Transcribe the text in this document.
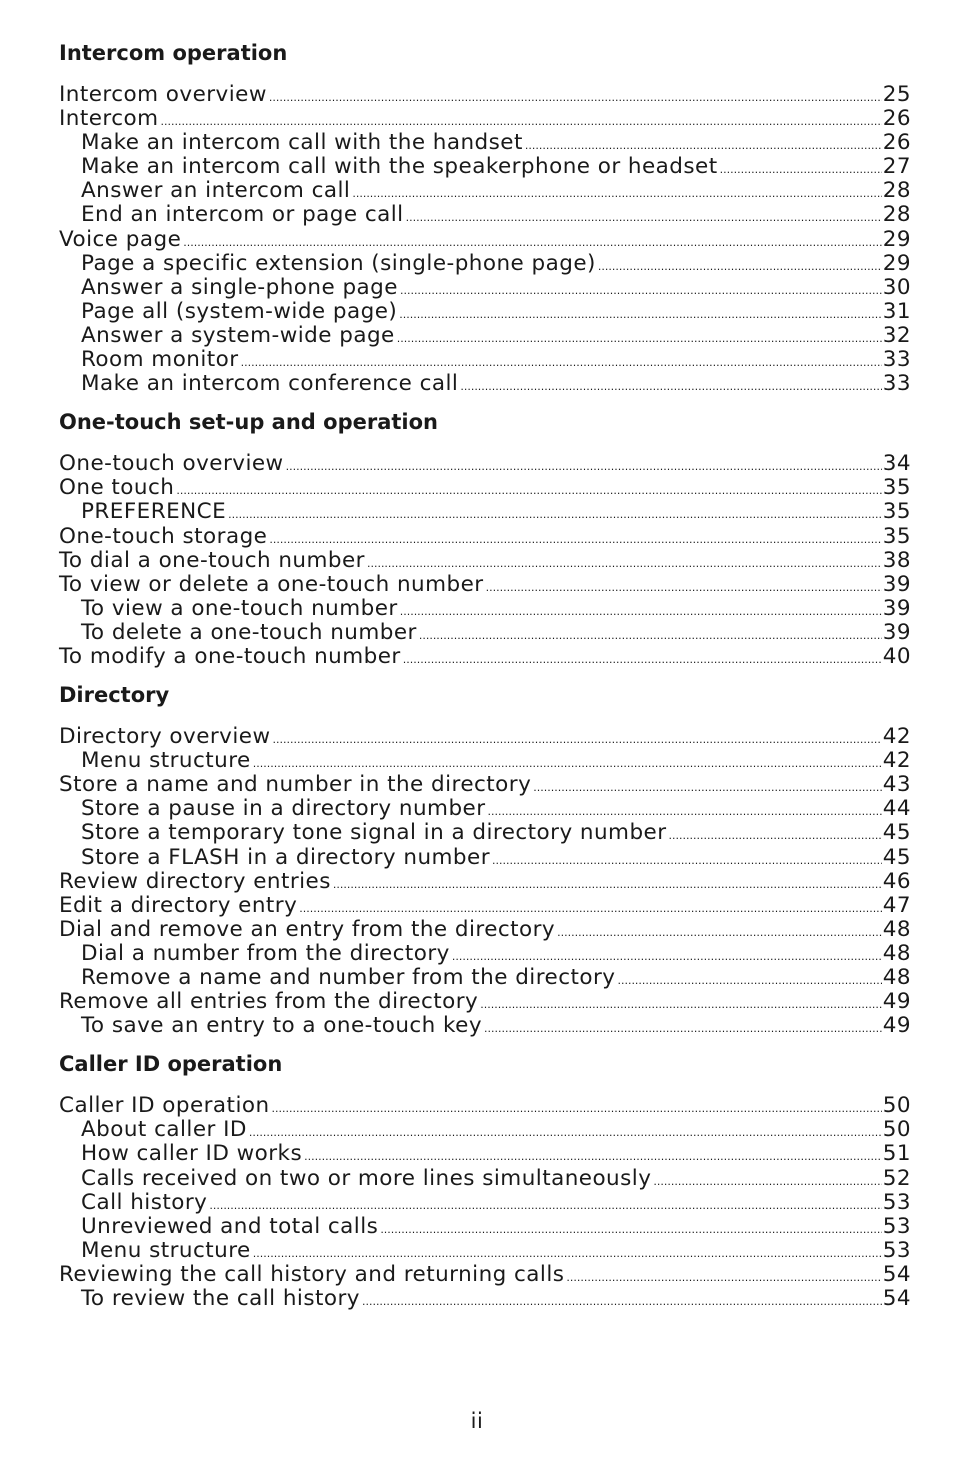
Intercom operation
Intercom overview .....	25
Intercom .....	26
Make an intercom call with the handset .....	26
Make an intercom call with the speakerphone or headset .....	27
Answer an intercom call .....	28
End an intercom or page call .....	28
Voice page .....	29
Page a specific extension (single-phone page) .....	29
Answer a single-phone page .....	30
Page all (system-wide page) .....	31
Answer a system-wide page .....	32
Room monitor .....	33
Make an intercom conference call .....	33
One-touch set-up and operation
One-touch overview .....	34
One touch .....	35
PREFERENCE .....	35
One-touch storage .....	35
To dial a one-touch number .....	38
To view or delete a one-touch number .....	39
To view a one-touch number .....	39
To delete a one-touch number .....	39
To modify a one-touch number .....	40
Directory
Directory overview .....	42
Menu structure .....	42
Store a name and number in the directory .....	43
Store a pause in a directory number .....	44
Store a temporary tone signal in a directory number .....	45
Store a FLASH in a directory number .....	45
Review directory entries .....	46
Edit a directory entry .....	47
Dial and remove an entry from the directory .....	48
Dial a number from the directory .....	48
Remove a name and number from the directory .....	48
Remove all entries from the directory .....	49
To save an entry to a one-touch key .....	49
Caller ID operation
Caller ID operation .....	50
About caller ID .....	50
How caller ID works .....	51
Calls received on two or more lines simultaneously .....	52
Call history .....	53
Unreviewed and total calls .....	53
Menu structure .....	53
Reviewing the call history and returning calls .....	54
To review the call history .....	54
ii
